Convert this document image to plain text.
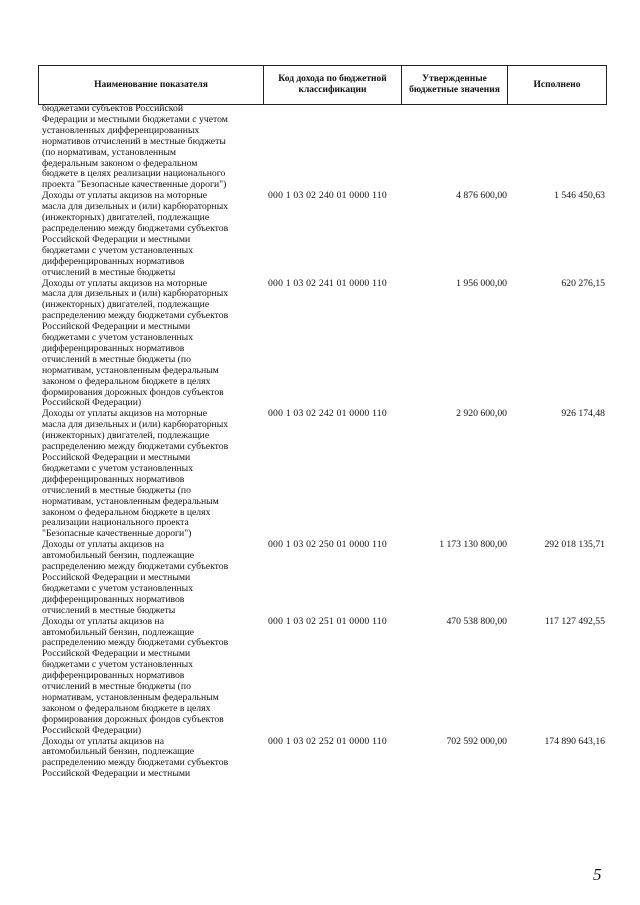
Наименование показателя	Код дохода по бюджетной классификации	Утвержденные бюджетные значения	Исполнено
бюджетами субъектов Российской
Федерации и местными бюджетами с учетом
установленных дифференцированных
нормативов отчислений в местные бюджеты
(по нормативам, установленным
федеральным законом о федеральном
бюджете в целях реализации национального
проекта "Безопасные качественные дороги")
Доходы от уплаты акцизов на моторные
масла для дизельных и (или) карбюраторных
(инжекторных) двигателей, подлежащие
распределению между бюджетами субъектов
Российской Федерации и местными
бюджетами с учетом установленных
дифференцированных нормативов
отчислений в местные бюджеты
000 1 03 02 240 01 0000 110	4 876 600,00	1 546 450,63
Доходы от уплаты акцизов на моторные
масла для дизельных и (или) карбюраторных
(инжекторных) двигателей, подлежащие
распределению между бюджетами субъектов
Российской Федерации и местными
бюджетами с учетом установленных
дифференцированных нормативов
отчислений в местные бюджеты (по
нормативам, установленным федеральным
законом о федеральном бюджете в целях
формирования дорожных фондов субъектов
Российской Федерации)
000 1 03 02 241 01 0000 110	1 956 000,00	620 276,15
Доходы от уплаты акцизов на моторные
масла для дизельных и (или) карбюраторных
(инжекторных) двигателей, подлежащие
распределению между бюджетами субъектов
Российской Федерации и местными
бюджетами с учетом установленных
дифференцированных нормативов
отчислений в местные бюджеты (по
нормативам, установленным федеральным
законом о федеральном бюджете в целях
реализации национального проекта
"Безопасные качественные дороги")
000 1 03 02 242 01 0000 110	2 920 600,00	926 174,48
Доходы от уплаты акцизов на
автомобильный бензин, подлежащие
распределению между бюджетами субъектов
Российской Федерации и местными
бюджетами с учетом установленных
дифференцированных нормативов
отчислений в местные бюджеты
000 1 03 02 250 01 0000 110	1 173 130 800,00	292 018 135,71
Доходы от уплаты акцизов на
автомобильный бензин, подлежащие
распределению между бюджетами субъектов
Российской Федерации и местными
бюджетами с учетом установленных
дифференцированных нормативов
отчислений в местные бюджеты (по
нормативам, установленным федеральным
законом о федеральном бюджете в целях
формирования дорожных фондов субъектов
Российской Федерации)
000 1 03 02 251 01 0000 110	470 538 800,00	117 127 492,55
Доходы от уплаты акцизов на
автомобильный бензин, подлежащие
распределению между бюджетами субъектов
Российской Федерации и местными
000 1 03 02 252 01 0000 110	702 592 000,00	174 890 643,16
5
